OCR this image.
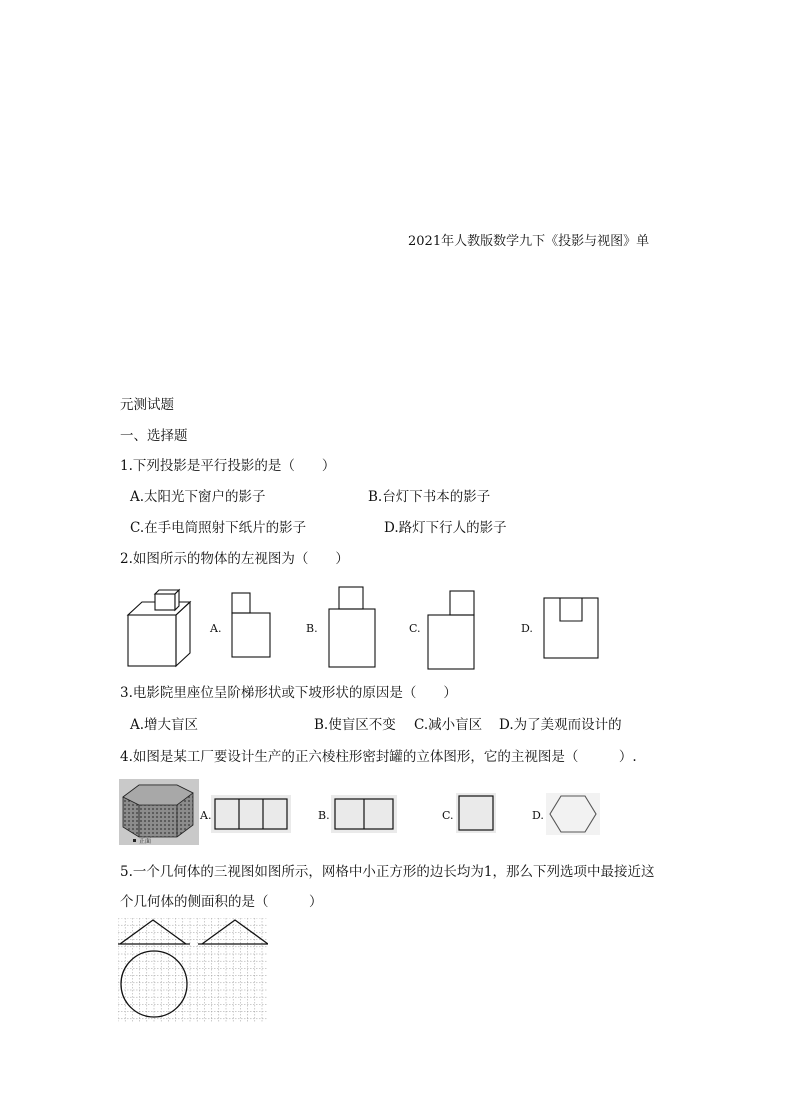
2021年人教版数学九下《投影与视图》单
元测试题
一、选择题
1.下列投影是平行投影的是（　　）
A.太阳光下窗户的影子	B.台灯下书本的影子
C.在手电筒照射下纸片的影子	D.路灯下行人的影子
2.如图所示的物体的左视图为（　　）
A.	B.	C.	D.
3.电影院里座位呈阶梯形状或下坡形状的原因是（　　）
A.增大盲区	B.使盲区不变 C.减小盲区 D.为了美观而设计的
4.如图是某工厂要设计生产的正六棱柱形密封罐的立体图形，它的主视图是（　　　）.
正面
A.	B.	C.	D.
5.一个几何体的三视图如图所示，网格中小正方形的边长均为1，那么下列选项中最接近这
个几何体的侧面积的是（　　　）
